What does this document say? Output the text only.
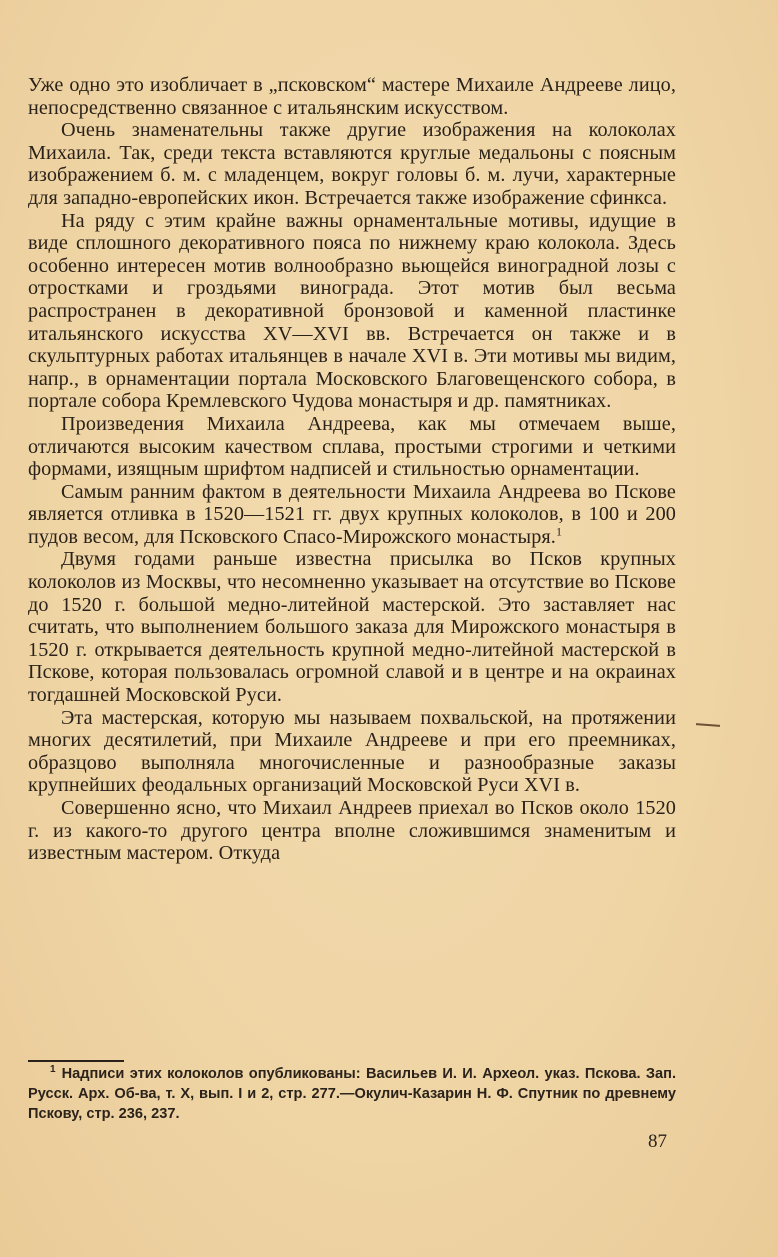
Уже одно это изобличает в „псковском“ мастере Михаиле Андрееве лицо, непосредственно связанное с итальянским искусством.

Очень знаменательны также другие изображения на колоколах Михаила. Так, среди текста вставляются круглые медальоны с поясным изображением б. м. с младенцем, вокруг головы б. м. лучи, характерные для западно-европейских икон. Встречается также изображение сфинкса.

На ряду с этим крайне важны орнаментальные мотивы, идущие в виде сплошного декоративного пояса по нижнему краю колокола. Здесь особенно интересен мотив волнообразно вьющейся виноградной лозы с отростками и гроздьями винограда. Этот мотив был весьма распространен в декоративной бронзовой и каменной пластинке итальянского искусства XV—XVI вв. Встречается он также и в скульптурных работах итальянцев в начале XVI в. Эти мотивы мы видим, напр., в орнаментации портала Московского Благовещенского собора, в портале собора Кремлевского Чудова монастыря и др. памятниках.

Произведения Михаила Андреева, как мы отмечаем выше, отличаются высоким качеством сплава, простыми строгими и четкими формами, изящным шрифтом надписей и стильностью орнаментации.

Самым ранним фактом в деятельности Михаила Андреева во Пскове является отливка в 1520—1521 гг. двух крупных колоколов, в 100 и 200 пудов весом, для Псковского Спасо-Мирожского монастыря.$^1$

Двумя годами раньше известна присылка во Псков крупных колоколов из Москвы, что несомненно указывает на отсутствие во Пскове до 1520 г. большой медно-литейной мастерской. Это заставляет нас считать, что выполнением большого заказа для Мирожского монастыря в 1520 г. открывается деятельность крупной медно-литейной мастерской в Пскове, которая пользовалась огромной славой и в центре и на окраинах тогдашней Московской Руси.

Эта мастерская, которую мы называем похвальской, на протяжении многих десятилетий, при Михаиле Андрееве и при его преемниках, образцово выполняла многочисленные и разнообразные заказы крупнейших феодальных организаций Московской Руси XVI в.

Совершенно ясно, что Михаил Андреев приехал во Псков около 1520 г. из какого-то другого центра вполне сложившимся знаменитым и известным мастером. Откуда

$^1$ Надписи этих колоколов опубликованы: Васильев И. И. Археол. указ. Пскова. Зап. Русск. Арх. Об-ва, т. X, вып. I и 2, стр. 277.—Окулич-Казарин Н. Ф. Спутник по древнему Пскову, стр. 236, 237.

87
